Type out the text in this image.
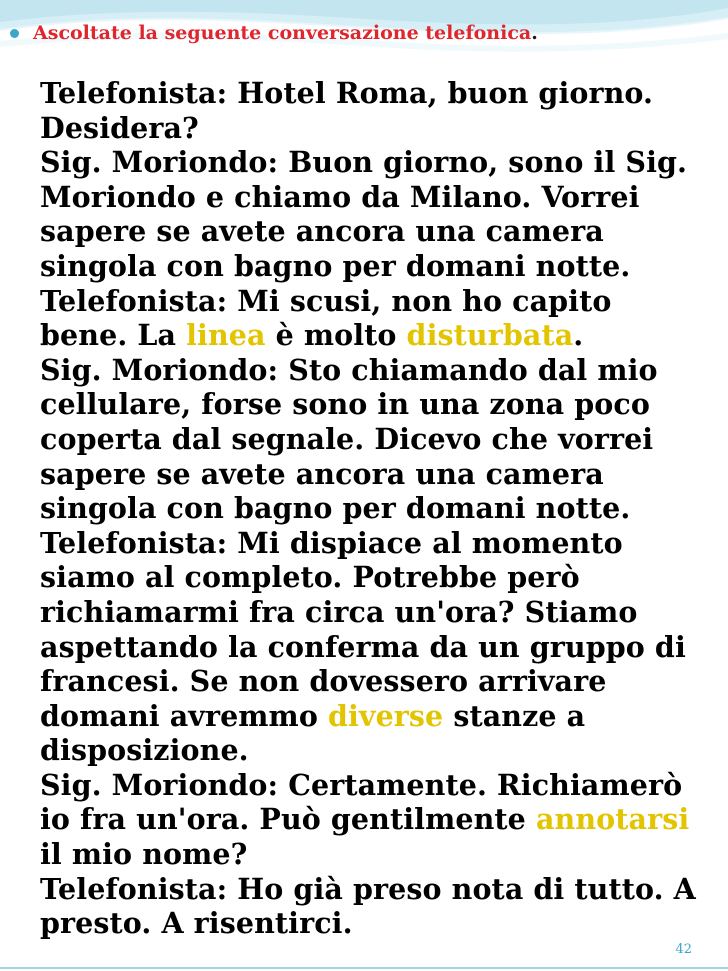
Ascoltate la seguente conversazione telefonica .
Telefonista: Hotel Roma, buon giorno.
Desidera?
Sig. Moriondo: Buon giorno, sono il Sig.
Moriondo e chiamo da Milano. Vorrei
sapere se avete ancora una camera
singola con bagno per domani notte.
Telefonista: Mi scusi, non ho capito
bene. La linea è molto disturbata.
Sig. Moriondo: Sto chiamando dal mio
cellulare, forse sono in una zona poco
coperta dal segnale. Dicevo che vorrei
sapere se avete ancora una camera
singola con bagno per domani notte.
Telefonista: Mi dispiace al momento
siamo al completo. Potrebbe però
richiamarmi fra circa un'ora? Stiamo
aspettando la conferma da un gruppo di
francesi. Se non dovessero arrivare
domani avremmo diverse stanze a
disposizione.
Sig. Moriondo: Certamente. Richiamerò
io fra un'ora. Può gentilmente annotarsi
il mio nome?
Telefonista: Ho già preso nota di tutto. A
presto. A risentirci.
42
